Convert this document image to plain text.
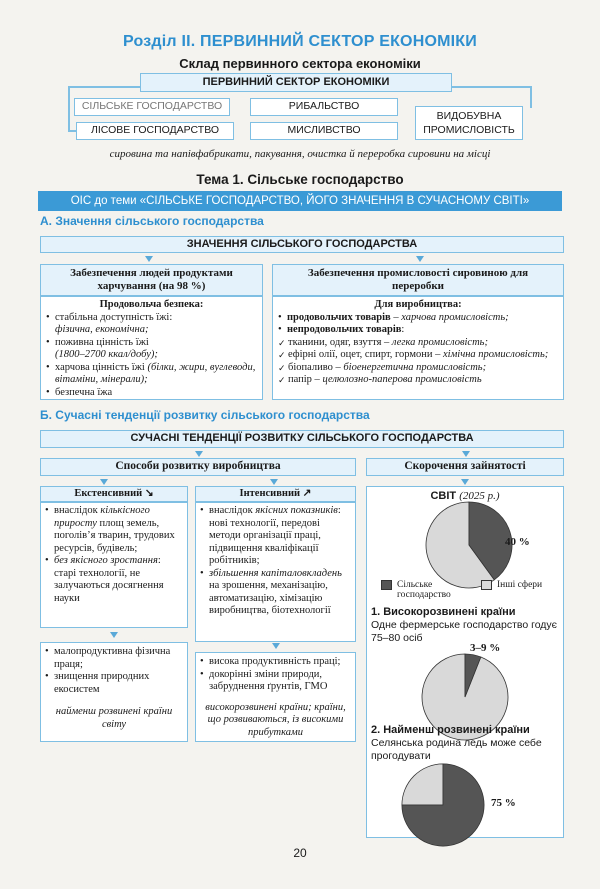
Розділ ІІ. ПЕРВИННИЙ СЕКТОР ЕКОНОМІКИ
Склад первинного сектора економіки
ПЕРВИННИЙ СЕКТОР ЕКОНОМІКИ
СІЛЬСЬКЕ ГОСПОДАРСТВО	РИБАЛЬСТВО
ВИДОБУВНА ПРОМИСЛОВІСТЬ
ЛІСОВЕ ГОСПОДАРСТВО	МИСЛИВСТВО
сировина та напівфабрикати, пакування, очистка й переробка сировини на місці
Тема 1. Сільське господарство
ОІС до теми «СІЛЬСЬКЕ ГОСПОДАРСТВО, ЙОГО ЗНАЧЕННЯ В СУЧАСНОМУ СВІТІ»
А. Значення сільського господарства
ЗНАЧЕННЯ СІЛЬСЬКОГО ГОСПОДАРСТВА
Забезпечення людей продуктами харчування (на 98 %)
Продовольча безпека:
• стабільна доступність їжі:
фізична, економічна;
• поживна цінність їжі
(1800–2700 ккал/добу);
• харчова цінність їжі (білки, жири, вуглеводи, вітаміни, мінерали);
• безпечна їжа
Забезпечення промисловості сировиною для переробки
Для виробництва:
• продовольчих товарів – харчова промисловість;
• непродовольчих товарів:
✓ тканини, одяг, взуття – легка промисловість;
✓ ефірні олії, оцет, спирт, гормони – хімічна промисловість;
✓ біопаливо – біоенергетична промисловість;
✓ папір – целюлозно-паперова промисловість
Б. Сучасні тенденції розвитку сільського господарства
СУЧАСНІ ТЕНДЕНЦІЇ РОЗВИТКУ СІЛЬСЬКОГО ГОСПОДАРСТВА
Способи розвитку виробництва
Екстенсивний ↘
• внаслідок кількісного приросту площ земель, поголів’я тварин, трудових ресурсів, будівель;
• без якісного зростання: старі технології, не залучаються досягнення науки
• малопродуктивна фізична праця;
• знищення природних екосистем
найменш розвинені країни світу
Інтенсивний ↗
• внаслідок якісних показників: нові технології, передові методи організації праці, підвищення кваліфікації робітників;
• збільшення капіталовкладень на зрошення, механізацію, автоматизацію, хімізацію виробництва, біотехнології
• висока продуктивність праці;
• докорінні зміни природи, забруднення ґрунтів, ГМО
високорозвинені країни; країни, що розвиваються, із високими прибутками
Скорочення зайнятості
СВІТ (2025 р.)
40 %
Сільське господарство
Інші сфери
1. Високорозвинені країни
Одне фермерське господарство годує 75–80 осіб
3–9 %
2. Найменш розвинені країни
Селянська родина ледь може себе прогодувати
75 %
20
